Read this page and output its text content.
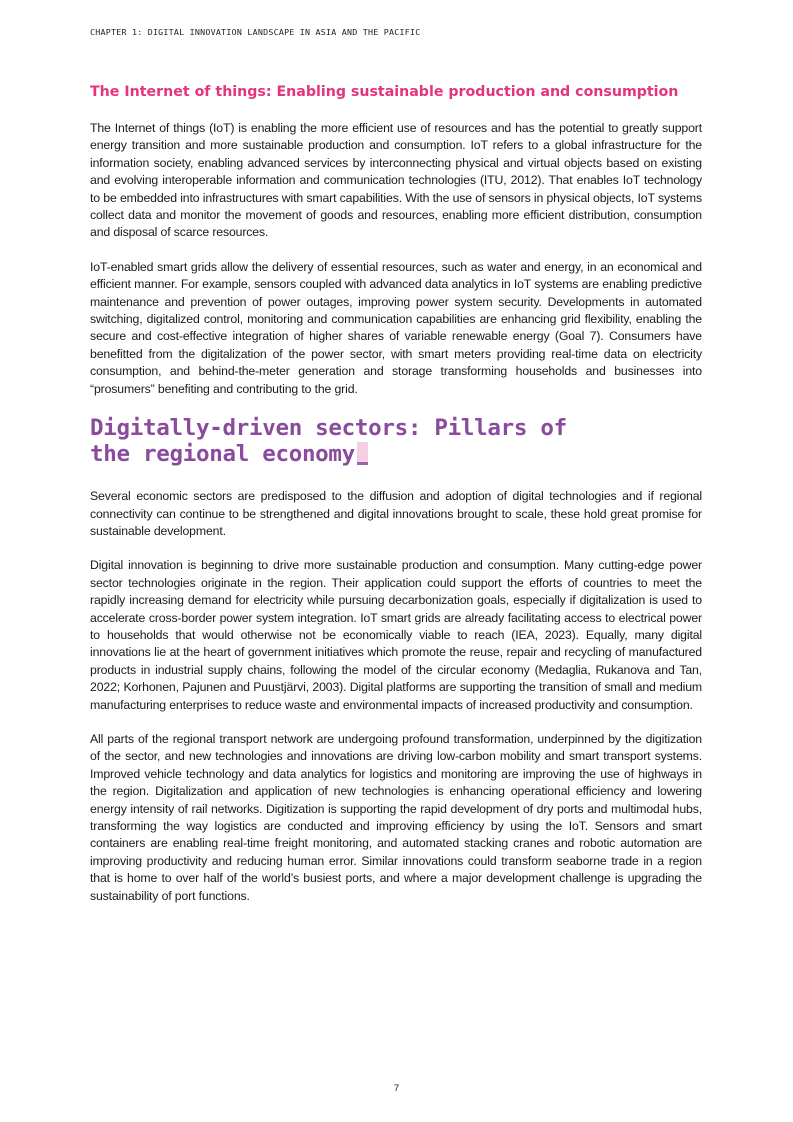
CHAPTER 1: DIGITAL INNOVATION LANDSCAPE IN ASIA AND THE PACIFIC
The Internet of things: Enabling sustainable production and consumption

The Internet of things (IoT) is enabling the more efficient use of resources and has the potential to greatly support energy transition and more sustainable production and consumption. IoT refers to a global infrastructure for the information society, enabling advanced services by interconnecting physical and virtual objects based on existing and evolving interoperable information and communication technologies (ITU, 2012). That enables IoT technology to be embedded into infrastructures with smart capabilities. With the use of sensors in physical objects, IoT systems collect data and monitor the movement of goods and resources, enabling more efficient distribution, consumption and disposal of scarce resources.

IoT-enabled smart grids allow the delivery of essential resources, such as water and energy, in an economical and efficient manner. For example, sensors coupled with advanced data analytics in IoT systems are enabling predictive maintenance and prevention of power outages, improving power system security. Developments in automated switching, digitalized control, monitoring and communication capabilities are enhancing grid flexibility, enabling the secure and cost-effective integration of higher shares of variable renewable energy (Goal 7). Consumers have benefitted from the digitalization of the power sector, with smart meters providing real-time data on electricity consumption, and behind-the-meter generation and storage transforming households and businesses into “prosumers” benefiting and contributing to the grid.

Digitally-driven sectors: Pillars of
the regional economy

Several economic sectors are predisposed to the diffusion and adoption of digital technologies and if regional connectivity can continue to be strengthened and digital innovations brought to scale, these hold great promise for sustainable development.

Digital innovation is beginning to drive more sustainable production and consumption. Many cutting-edge power sector technologies originate in the region. Their application could support the efforts of countries to meet the rapidly increasing demand for electricity while pursuing decarbonization goals, especially if digitalization is used to accelerate cross-border power system integration. IoT smart grids are already facilitating access to electrical power to households that would otherwise not be economically viable to reach (IEA, 2023). Equally, many digital innovations lie at the heart of government initiatives which promote the reuse, repair and recycling of manufactured products in industrial supply chains, following the model of the circular economy (Medaglia, Rukanova and Tan, 2022; Korhonen, Pajunen and Puustjärvi, 2003). Digital platforms are supporting the transition of small and medium manufacturing enterprises to reduce waste and environmental impacts of increased productivity and consumption.

All parts of the regional transport network are undergoing profound transformation, underpinned by the digitization of the sector, and new technologies and innovations are driving low-carbon mobility and smart transport systems. Improved vehicle technology and data analytics for logistics and monitoring are improving the use of highways in the region. Digitalization and application of new technologies is enhancing operational efficiency and lowering energy intensity of rail networks. Digitization is supporting the rapid development of dry ports and multimodal hubs, transforming the way logistics are conducted and improving efficiency by using the IoT. Sensors and smart containers are enabling real-time freight monitoring, and automated stacking cranes and robotic automation are improving productivity and reducing human error. Similar innovations could transform seaborne trade in a region that is home to over half of the world’s busiest ports, and where a major development challenge is upgrading the sustainability of port functions.

7
